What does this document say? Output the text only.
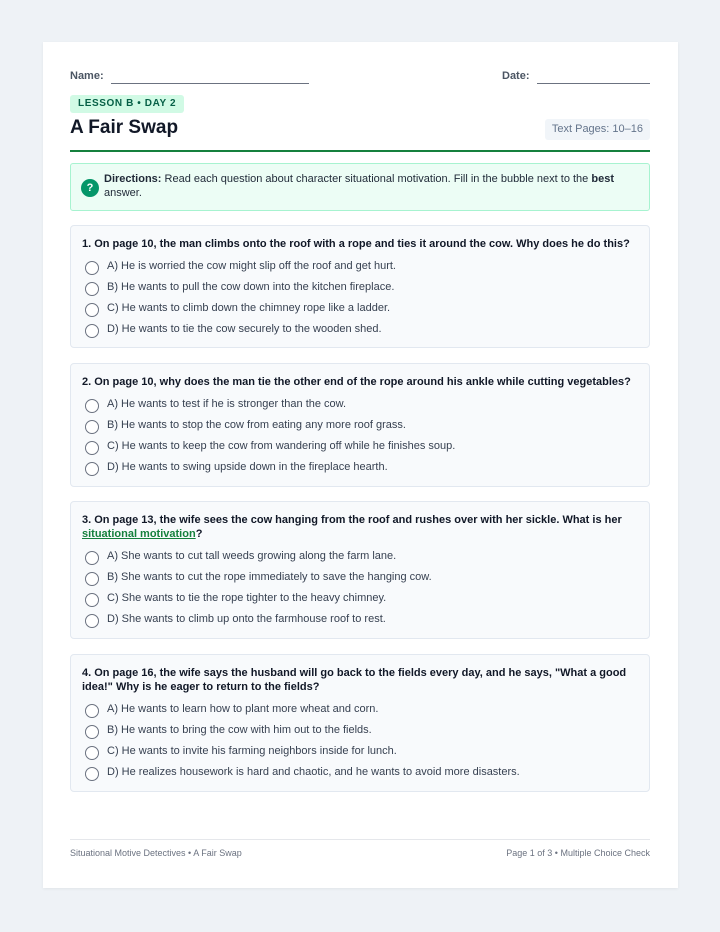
Name:	Date:
LESSON B • DAY 2
A Fair Swap	Text Pages: 10–16
?
Directions: Read each question about character situational motivation. Fill in the bubble next to the best answer.
1. On page 10, the man climbs onto the roof with a rope and ties it around the cow. Why does he do this?
A) He is worried the cow might slip off the roof and get hurt.
B) He wants to pull the cow down into the kitchen fireplace.
C) He wants to climb down the chimney rope like a ladder.
D) He wants to tie the cow securely to the wooden shed.
2. On page 10, why does the man tie the other end of the rope around his ankle while cutting vegetables?
A) He wants to test if he is stronger than the cow.
B) He wants to stop the cow from eating any more roof grass.
C) He wants to keep the cow from wandering off while he finishes soup.
D) He wants to swing upside down in the fireplace hearth.
3. On page 13, the wife sees the cow hanging from the roof and rushes over with her sickle. What is her situational motivation?
A) She wants to cut tall weeds growing along the farm lane.
B) She wants to cut the rope immediately to save the hanging cow.
C) She wants to tie the rope tighter to the heavy chimney.
D) She wants to climb up onto the farmhouse roof to rest.
4. On page 16, the wife says the husband will go back to the fields every day, and he says, "What a good idea!" Why is he eager to return to the fields?
A) He wants to learn how to plant more wheat and corn.
B) He wants to bring the cow with him out to the fields.
C) He wants to invite his farming neighbors inside for lunch.
D) He realizes housework is hard and chaotic, and he wants to avoid more disasters.
Situational Motive Detectives • A Fair Swap	Page 1 of 3 • Multiple Choice Check
